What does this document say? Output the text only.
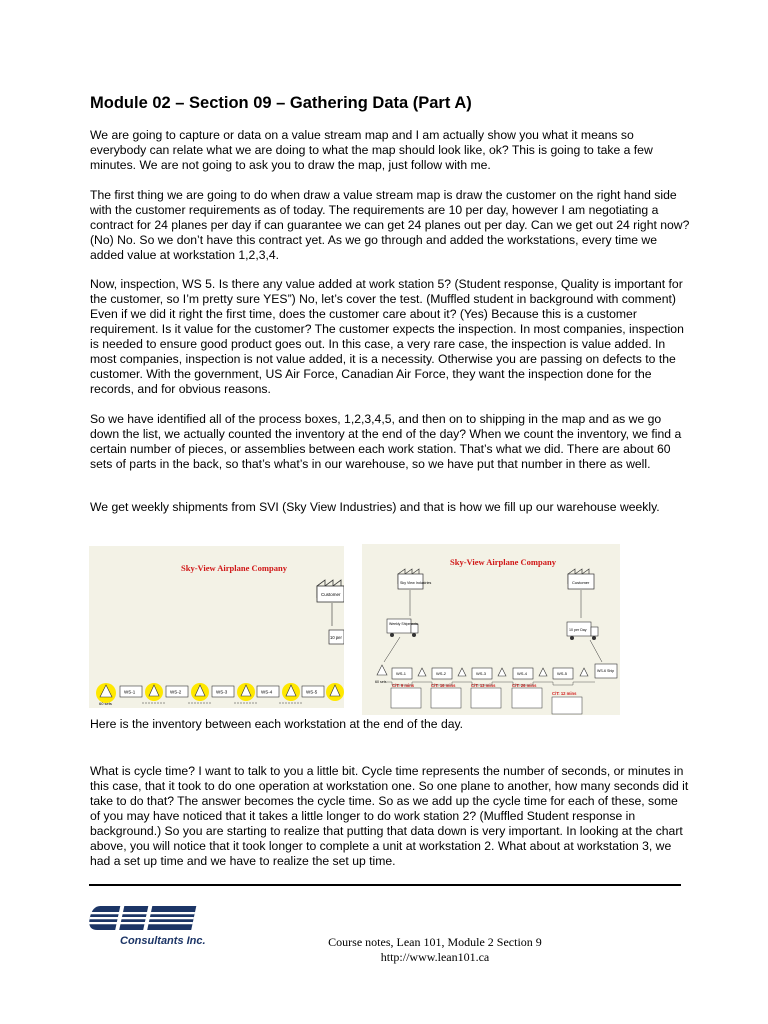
Module 02 – Section 09 – Gathering Data (Part A)

We are going to capture or data on a value stream map and I am actually show you what it means so everybody can relate what we are doing to what the map should look like, ok? This is going to take a few minutes. We are not going to ask you to draw the map, just follow with me.

The first thing we are going to do when draw a value stream map is draw the customer on the right hand side with the customer requirements as of today. The requirements are 10 per day, however I am negotiating a contract for 24 planes per day if can guarantee we can get 24 planes out per day. Can we get out 24 right now? (No) No. So we don’t have this contract yet. As we go through and added the workstations, every time we added value at workstation 1,2,3,4.

Now, inspection, WS 5. Is there any value added at work station 5? (Student response, Quality is important for the customer, so I’m pretty sure YES”) No, let’s cover the test. (Muffled student in background with comment) Even if we did it right the first time, does the customer care about it? (Yes) Because this is a customer requirement. Is it value for the customer? The customer expects the inspection. In most companies, inspection is needed to ensure good product goes out. In this case, a very rare case, the inspection is value added. In most companies, inspection is not value added, it is a necessity. Otherwise you are passing on defects to the customer. With the government, US Air Force, Canadian Air Force, they want the inspection done for the records, and for obvious reasons.

So we have identified all of the process boxes, 1,2,3,4,5, and then on to shipping in the map and as we go down the list, we actually counted the inventory at the end of the day? When we count the inventory, we find a certain number of pieces, or assemblies between each work station. That’s what we did. There are about 60 sets of parts in the back, so that’s what’s in our warehouse, so we have put that number in there as well.

We get weekly shipments from SVI (Sky View Industries) and that is how we fill up our warehouse weekly.

Sky-View Airplane Company
Customer
10 per
60 sets
WS-1	WS-2	WS-3	WS-4	WS-5
Sky-View Airplane Company
Sky View Industries	Customer
Weekly Shipments
10 per Day
60 sets
WS-1	WS-2	WS-3	WS-4	WS-5	WS-6 Ship
C/T: 9 mins	C/T: 16 mins	C/T: 13 mins	C/T: 26 mins
C/T: 12 mins

Here is the inventory between each workstation at the end of the day.

What is cycle time? I want to talk to you a little bit. Cycle time represents the number of seconds, or minutes in this case, that it took to do one operation at workstation one. So one plane to another, how many seconds did it take to do that? The answer becomes the cycle time. So as we add up the cycle time for each of these, some of you may have noticed that it takes a little longer to do work station 2? (Muffled Student response in background.) So you are starting to realize that putting that data down is very important. In looking at the chart above, you will notice that it took longer to complete a unit at workstation 2. What about at workstation 3, we had a set up time and we have to realize the set up time.

Consultants Inc.	Course notes, Lean 101, Module 2 Section 9

http://www.lean101.ca
